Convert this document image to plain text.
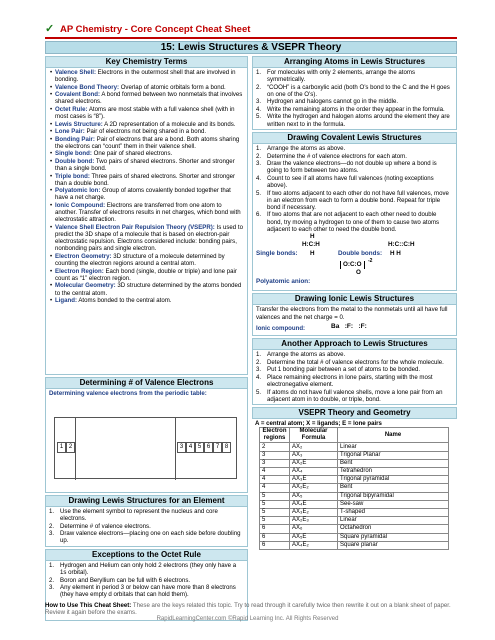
✓ AP Chemistry - Core Concept Cheat Sheet
15: Lewis Structures & VSEPR Theory
Key Chemistry Terms
• Valence Shell: Electrons in the outermost shell that are involved in bonding.
• Valence Bond Theory: Overlap of atomic orbitals form a bond.
• Covalent Bond: A bond formed between two nonmetals that involves shared electrons.
• Octet Rule: Atoms are most stable with a full valence shell (with in most cases is “8”).
• Lewis Structure: A 2D representation of a molecule and its bonds.
• Lone Pair: Pair of electrons not being shared in a bond.
• Bonding Pair: Pair of electrons that are a bond. Both atoms sharing the electrons can “count” them in their valence shell.
• Single bond: One pair of shared electrons.
• Double bond: Two pairs of shared electrons. Shorter and stronger than a single bond.
• Triple bond: Three pairs of shared electrons. Shorter and stronger than a double bond.
• Polyatomic Ion: Group of atoms covalently bonded together that have a net charge.
• Ionic Compound: Electrons are transferred from one atom to another. Transfer of electrons results in net charges, which bond with electrostatic attraction.
• Valence Shell Electron Pair Repulsion Theory (VSEPR): Is used to predict the 3D shape of a molecule that is based on electron-pair electrostatic repulsion. Electrons considered include: bonding pairs, nonbonding pairs and single electron.
• Electron Geometry: 3D structure of a molecule determined by counting the electron regions around a central atom.
• Electron Region: Each bond (single, double or triple) and lone pair count as “1” electron region.
• Molecular Geometry: 3D structure determined by the atoms bonded to the central atom.
• Ligand: Atoms bonded to the central atom.
Determining # of Valence Electrons
Determining valence electrons from the periodic table:
1 2	3 4 5 6 7 8
Drawing Lewis Structures for an Element
1. Use the element symbol to represent the nucleus and core electrons.
2. Determine # of valence electrons.
3. Draw valence electrons—placing one on each side before doubling up.
Exceptions to the Octet Rule
1. Hydrogen and Helium can only hold 2 electrons (they only have a 1s orbital).
2. Boron and Beryllium can be full with 6 electrons.
3. Any element in period 3 or below can have more than 8 electrons (they have empty d orbitals that can hold them).
Arranging Atoms in Lewis Structures
1. For molecules with only 2 elements, arrange the atoms symmetrically.
2. “COOH” is a carboxylic acid (both O’s bond to the C and the H goes on one of the O’s).
3. Hydrogen and halogens cannot go in the middle.
4. Write the remaining atoms in the order they appear in the formula.
5. Write the hydrogen and halogen atoms around the element they are written next to in the formula.
Drawing Covalent Lewis Structures
1. Arrange the atoms as above.
2. Determine the # of valence electrons for each atom.
3. Draw the valence electrons—do not double up where a bond is going to form between two atoms.
4. Count to see if all atoms have full valences (noting exceptions above).
5. If two atoms adjacent to each other do not have full valences, move in an electron from each to form a double bond. Repeat for triple bond if necessary.
6. If two atoms that are not adjacent to each other need to double bond, try moving a hydrogen to one of them to cause two atoms adjacent to each other to need the double bond.
H
H:C:H
Single bonds: H
H:C::C:H
Double bonds: H H
O:C:O
O
-2
Polyatomic anion:
Drawing Ionic Lewis Structures
Transfer the electrons from the metal to the nonmetals until all have full valences and the net charge = 0.
Ionic compound:	Ba   :F:   :F:
Another Approach to Lewis Structures
1. Arrange the atoms as above.
2. Determine the total # of valence electrons for the whole molecule.
3. Put 1 bonding pair between a set of atoms to be bonded.
4. Place remaining electrons in lone pairs, starting with the most electronegative element.
5. If atoms do not have full valence shells, move a lone pair from an adjacent atom in to double, or triple, bond.
VSEPR Theory and Geometry
A = central atom; X = ligands; E = lone pairs
Electron regions	Molecular Formula	Name
2	AX₂	Linear
3	AX₃	Trigonal Planar
3	AX₂E	Bent
4	AX₄	Tetrahedron
4	AX₃E	Trigonal pyramidal
4	AX₂E₂	Bent
5	AX₅	Trigonal bipyramidal
5	AX₄E	See-saw
5	AX₃E₂	T-shaped
5	AX₂E₃	Linear
6	AX₆	Octahedron
6	AX₅E	Square pyramidal
6	AX₄E₂	Square planar
How to Use This Cheat Sheet: These are the keys related this topic. Try to read through it carefully twice then rewrite it out on a blank sheet of paper. Review it again before the exams.
RapidLearningCenter.com ©Rapid Learning Inc. All Rights Reserved
